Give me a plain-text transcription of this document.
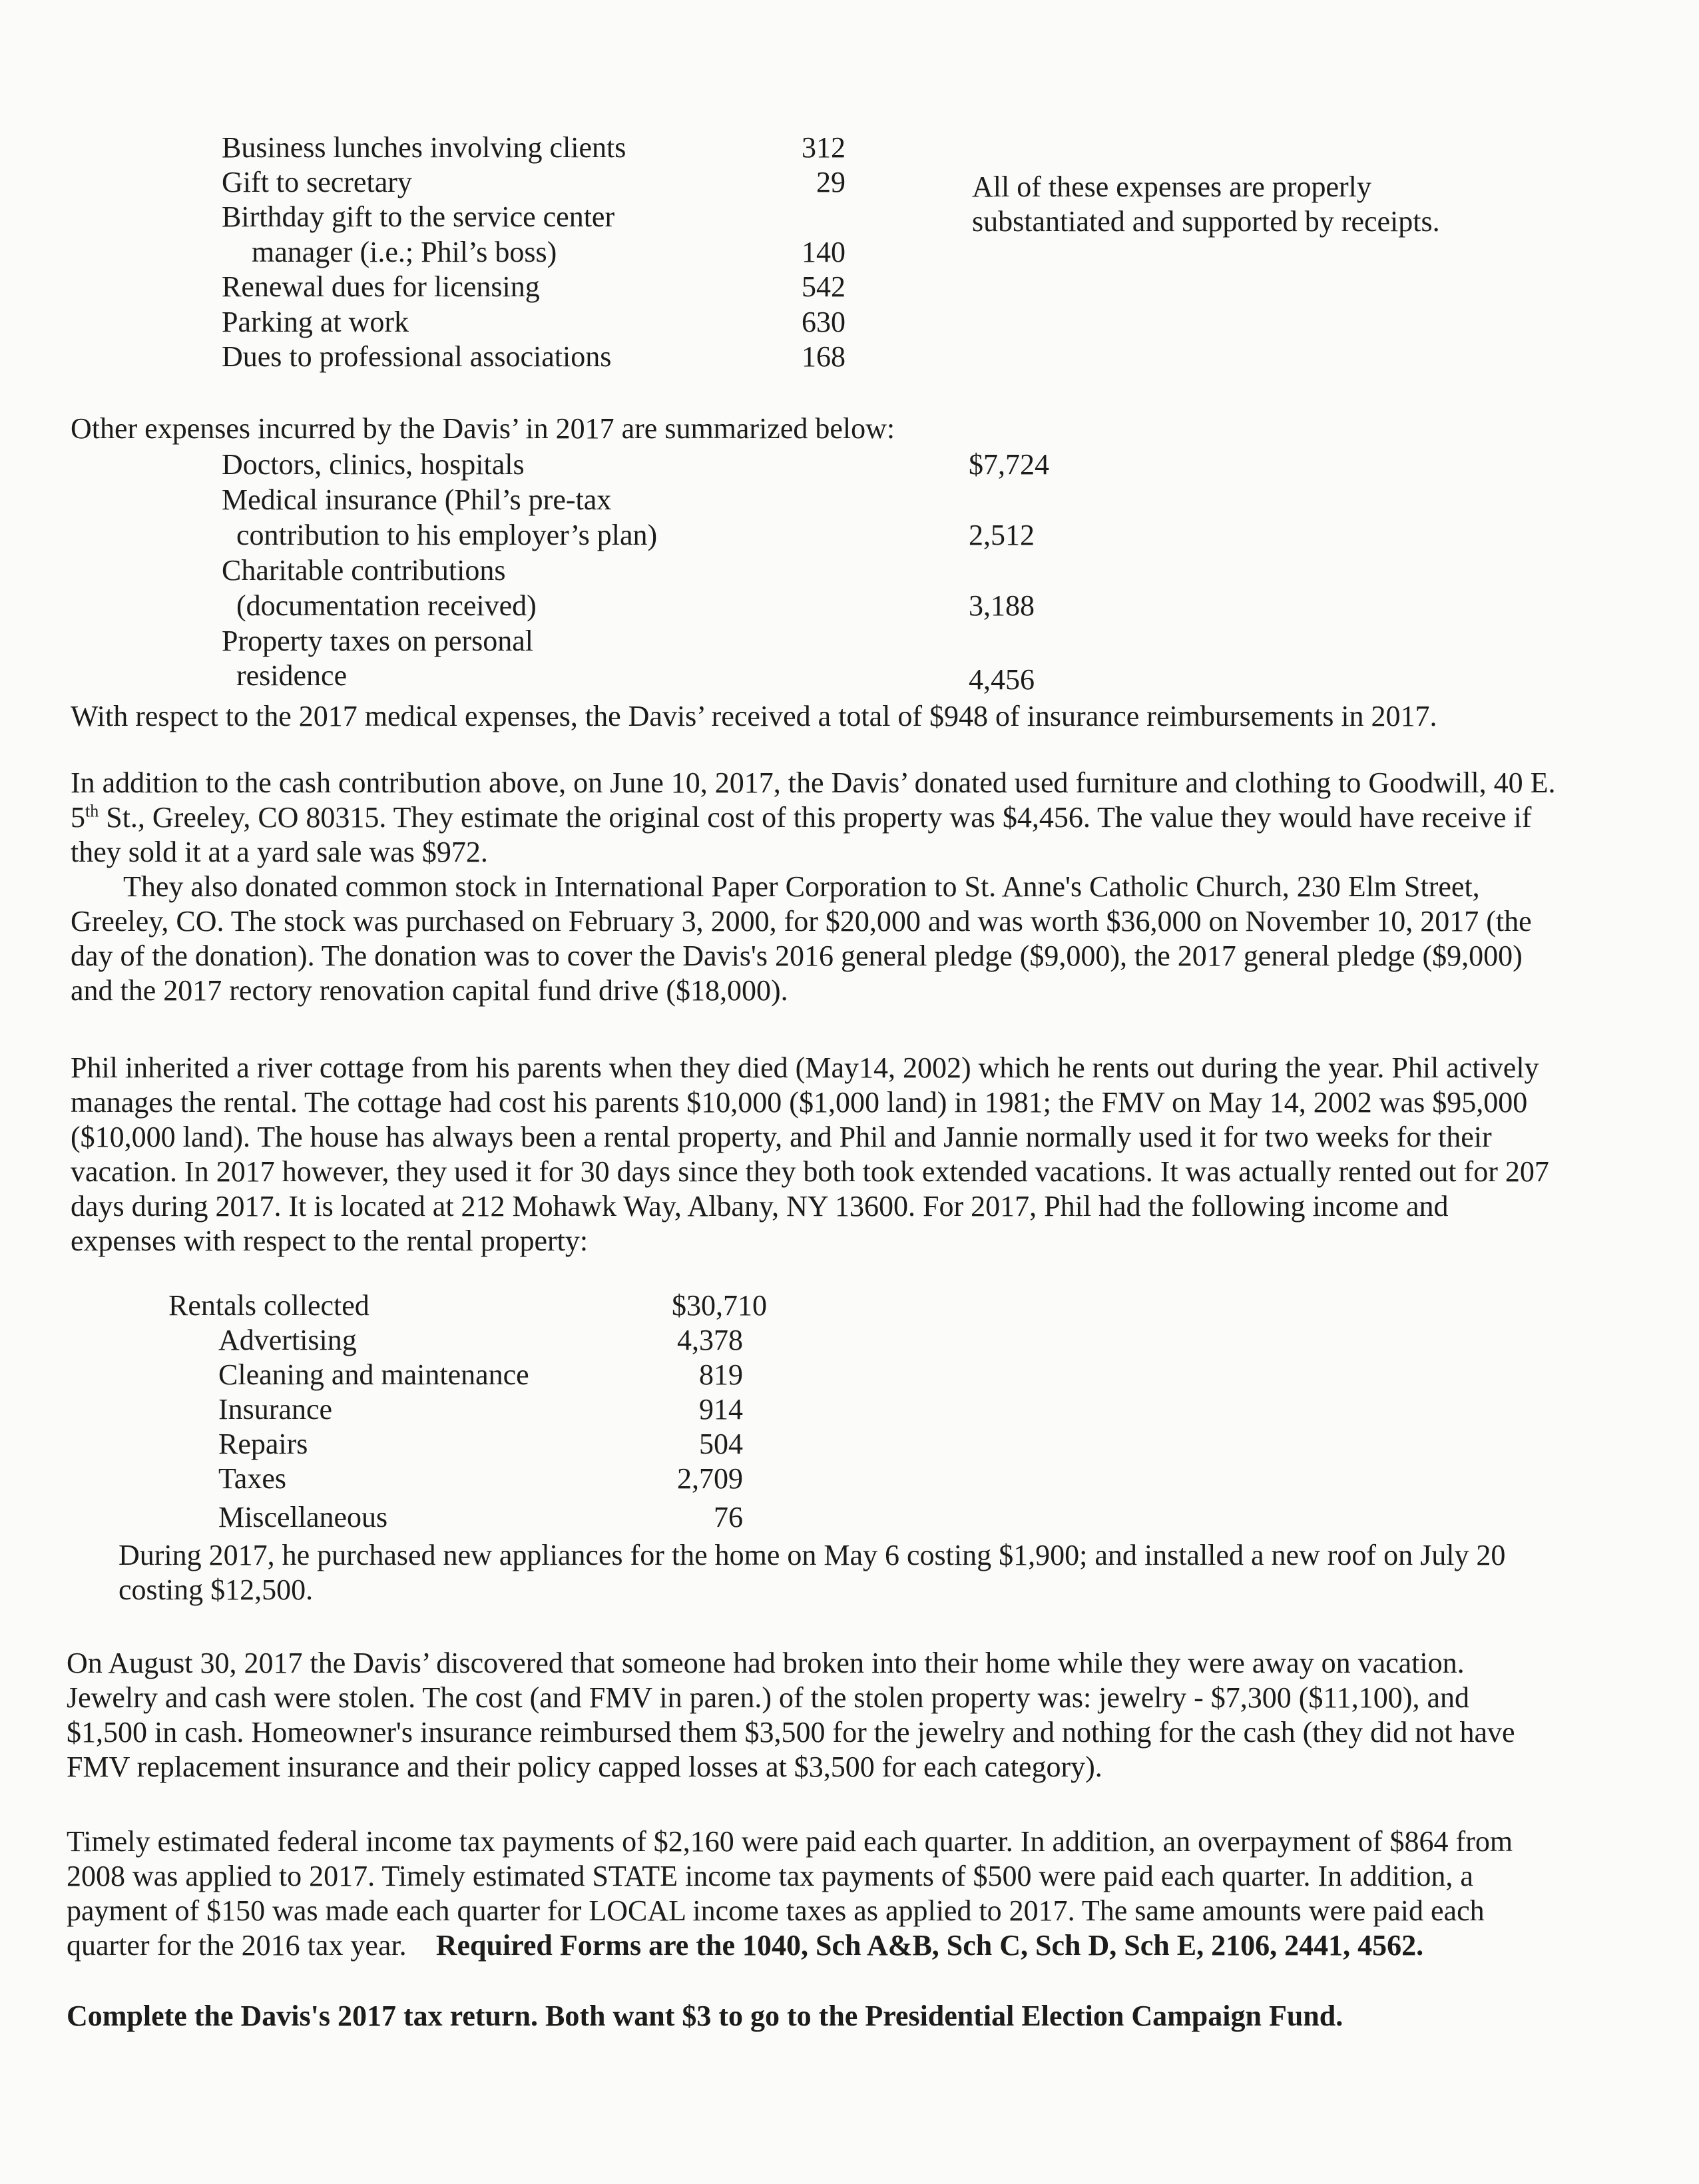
Business lunches involving clients	312
Gift to secretary	29
Birthday gift to the service center
manager (i.e.; Phil’s boss)	140
Renewal dues for licensing	542
Parking at work	630
Dues to professional associations	168
All of these expenses are properly
substantiated and supported by receipts.
Other expenses incurred by the Davis’ in 2017 are summarized below:
Doctors, clinics, hospitals	$7,724
Medical insurance (Phil’s pre-tax
contribution to his employer’s plan)	2,512
Charitable contributions
(documentation received)	3,188
Property taxes on personal
residence	4,456
With respect to the 2017 medical expenses, the Davis’ received a total of $948 of insurance reimbursements in 2017.
In addition to the cash contribution above, on June 10, 2017, the Davis’ donated used furniture and clothing to Goodwill, 40 E.
5th St., Greeley, CO 80315. They estimate the original cost of this property was $4,456. The value they would have receive if
they sold it at a yard sale was $972.
They also donated common stock in International Paper Corporation to St. Anne's Catholic Church, 230 Elm Street,
Greeley, CO. The stock was purchased on February 3, 2000, for $20,000 and was worth $36,000 on November 10, 2017 (the
day of the donation). The donation was to cover the Davis's 2016 general pledge ($9,000), the 2017 general pledge ($9,000)
and the 2017 rectory renovation capital fund drive ($18,000).
Phil inherited a river cottage from his parents when they died (May14, 2002) which he rents out during the year. Phil actively
manages the rental. The cottage had cost his parents $10,000 ($1,000 land) in 1981; the FMV on May 14, 2002 was $95,000
($10,000 land). The house has always been a rental property, and Phil and Jannie normally used it for two weeks for their
vacation. In 2017 however, they used it for 30 days since they both took extended vacations. It was actually rented out for 207
days during 2017. It is located at 212 Mohawk Way, Albany, NY 13600. For 2017, Phil had the following income and
expenses with respect to the rental property:
Rentals collected	$30,710
Advertising	4,378
Cleaning and maintenance	819
Insurance	914
Repairs	504
Taxes	2,709
Miscellaneous	76
During 2017, he purchased new appliances for the home on May 6 costing $1,900; and installed a new roof on July 20
costing $12,500.
On August 30, 2017 the Davis’ discovered that someone had broken into their home while they were away on vacation.
Jewelry and cash were stolen. The cost (and FMV in paren.) of the stolen property was: jewelry - $7,300 ($11,100), and
$1,500 in cash. Homeowner's insurance reimbursed them $3,500 for the jewelry and nothing for the cash (they did not have
FMV replacement insurance and their policy capped losses at $3,500 for each category).
Timely estimated federal income tax payments of $2,160 were paid each quarter. In addition, an overpayment of $864 from
2008 was applied to 2017. Timely estimated STATE income tax payments of $500 were paid each quarter. In addition, a
payment of $150 was made each quarter for LOCAL income taxes as applied to 2017. The same amounts were paid each
quarter for the 2016 tax year. Required Forms are the 1040, Sch A&B, Sch C, Sch D, Sch E, 2106, 2441, 4562.
Complete the Davis's 2017 tax return. Both want $3 to go to the Presidential Election Campaign Fund.
